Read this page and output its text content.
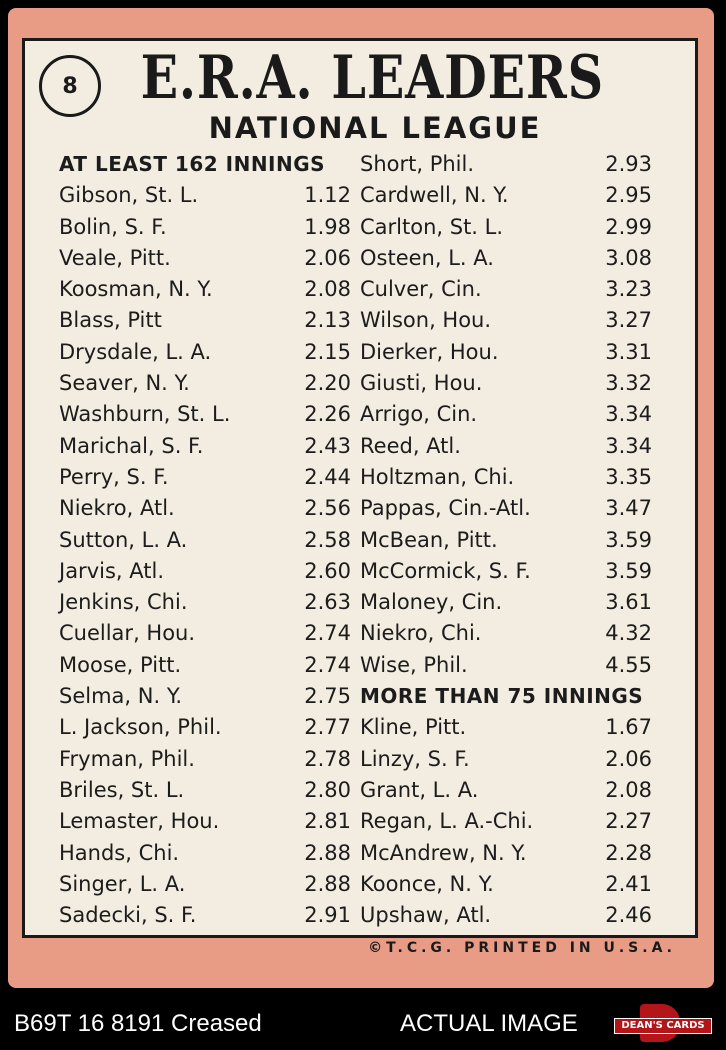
8	E.R.A. LEADERS
NATIONAL LEAGUE
AT LEAST 162 INNINGS
Gibson, St. L.	1.12
Bolin, S. F.	1.98
Veale, Pitt.	2.06
Koosman, N. Y.	2.08
Blass, Pitt	2.13
Drysdale, L. A.	2.15
Seaver, N. Y.	2.20
Washburn, St. L.	2.26
Marichal, S. F.	2.43
Perry, S. F.	2.44
Niekro, Atl.	2.56
Sutton, L. A.	2.58
Jarvis, Atl.	2.60
Jenkins, Chi.	2.63
Cuellar, Hou.	2.74
Moose, Pitt.	2.74
Selma, N. Y.	2.75
L. Jackson, Phil.	2.77
Fryman, Phil.	2.78
Briles, St. L.	2.80
Lemaster, Hou.	2.81
Hands, Chi.	2.88
Singer, L. A.	2.88
Sadecki, S. F.	2.91
Short, Phil.	2.93
Cardwell, N. Y.	2.95
Carlton, St. L.	2.99
Osteen, L. A.	3.08
Culver, Cin.	3.23
Wilson, Hou.	3.27
Dierker, Hou.	3.31
Giusti, Hou.	3.32
Arrigo, Cin.	3.34
Reed, Atl.	3.34
Holtzman, Chi.	3.35
Pappas, Cin.-Atl.	3.47
McBean, Pitt.	3.59
McCormick, S. F.	3.59
Maloney, Cin.	3.61
Niekro, Chi.	4.32
Wise, Phil.	4.55
MORE THAN 75 INNINGS
Kline, Pitt.	1.67
Linzy, S. F.	2.06
Grant, L. A.	2.08
Regan, L. A.-Chi.	2.27
McAndrew, N. Y.	2.28
Koonce, N. Y.	2.41
Upshaw, Atl.	2.46
©T.C.G. PRINTED IN U.S.A.
B69T 16 8191 Creased	ACTUAL IMAGE	DEAN'S CARDS
